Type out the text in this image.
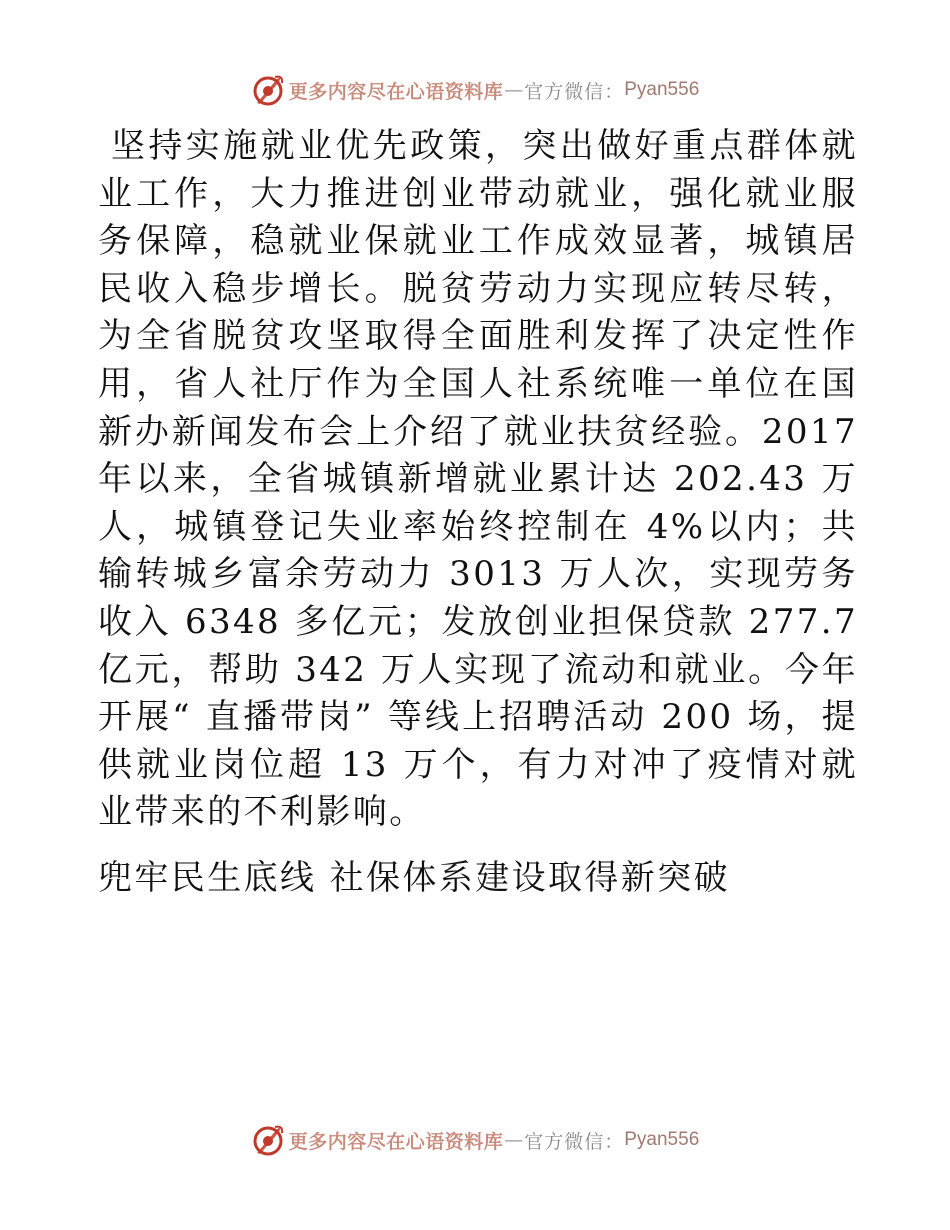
更多内容尽在心语资料库 — 官方微信： Pyan556

坚持实施就业优先政策，突出做好重点群体就业工作，大力推进创业带动就业，强化就业服务保障，稳就业保就业工作成效显著，城镇居民收入稳步增长。脱贫劳动力实现应转尽转，为全省脱贫攻坚取得全面胜利发挥了决定性作用，省人社厅作为全国人社系统唯一单位在国新办新闻发布会上介绍了就业扶贫经验。2017 年以来，全省城镇新增就业累计达 202.43 万人，城镇登记失业率始终控制在 4%以内；共输转城乡富余劳动力 3013 万人次，实现劳务收入 6348 多亿元；发放创业担保贷款 277.7 亿元，帮助 342 万人实现了流动和就业。今年开展“ 直播带岗” 等线上招聘活动 200 场，提供就业岗位超 13 万个，有力对冲了疫情对就业带来的不利影响。

兜牢民生底线 社保体系建设取得新突破
更多内容尽在心语资料库 — 官方微信： Pyan556
